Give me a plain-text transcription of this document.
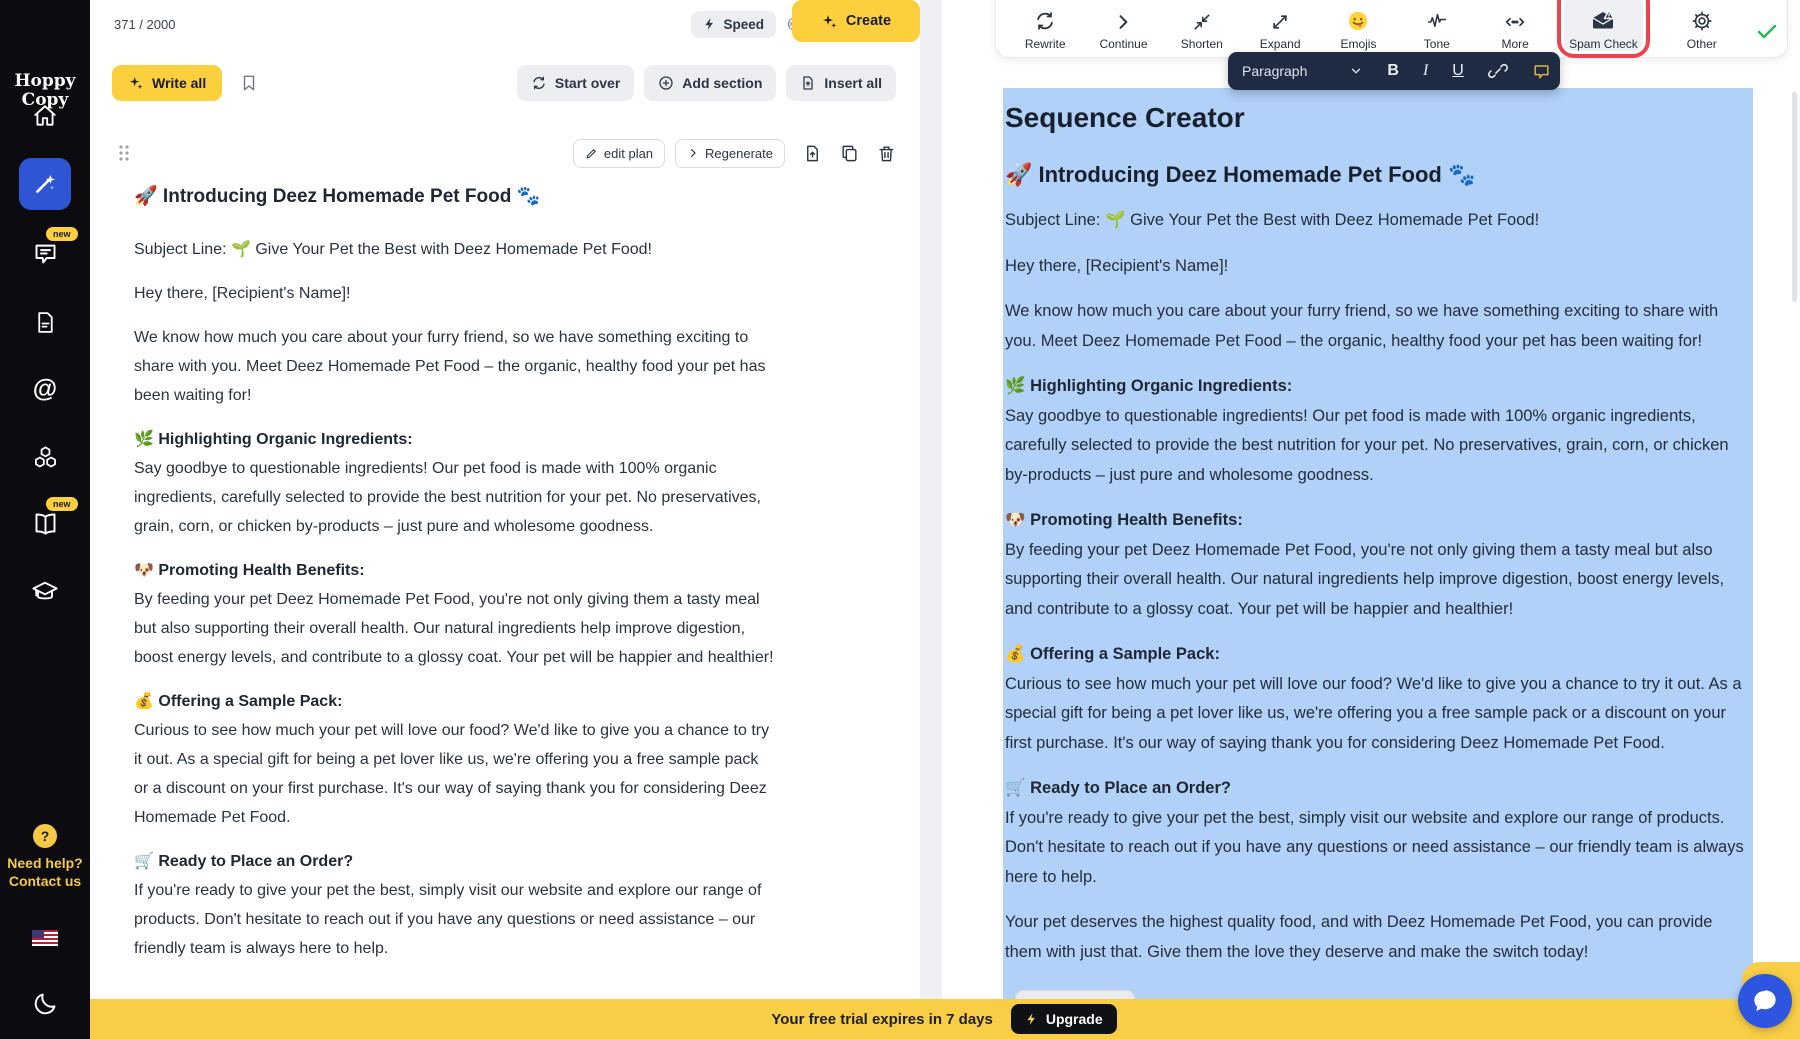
Hoppy
Copy
new
@
new
?
Need help?
Contact us
371 / 2000	Speed	Create
Write all	Start over	Add section	Insert all
edit plan	Regenerate
🚀 Introducing Deez Homemade Pet Food 🐾

Subject Line: 🌱 Give Your Pet the Best with Deez Homemade Pet Food!

Hey there, [Recipient's Name]!

We know how much you care about your furry friend, so we have something exciting to share with you. Meet Deez Homemade Pet Food – the organic, healthy food your pet has been waiting for!

🌿 Highlighting Organic Ingredients:
Say goodbye to questionable ingredients! Our pet food is made with 100% organic ingredients, carefully selected to provide the best nutrition for your pet. No preservatives, grain, corn, or chicken by-products – just pure and wholesome goodness.

🐶 Promoting Health Benefits:
By feeding your pet Deez Homemade Pet Food, you're not only giving them a tasty meal but also supporting their overall health. Our natural ingredients help improve digestion, boost energy levels, and contribute to a glossy coat. Your pet will be happier and healthier!

💰 Offering a Sample Pack:
Curious to see how much your pet will love our food? We'd like to give you a chance to try it out. As a special gift for being a pet lover like us, we're offering you a free sample pack or a discount on your first purchase. It's our way of saying thank you for considering Deez Homemade Pet Food.

🛒 Ready to Place an Order?
If you're ready to give your pet the best, simply visit our website and explore our range of products. Don't hesitate to reach out if you have any questions or need assistance – our friendly team is always here to help.

Sequence Creator
🚀 Introducing Deez Homemade Pet Food 🐾

Subject Line: 🌱 Give Your Pet the Best with Deez Homemade Pet Food!

Hey there, [Recipient's Name]!

We know how much you care about your furry friend, so we have something exciting to share with you. Meet Deez Homemade Pet Food – the organic, healthy food your pet has been waiting for!

🌿 Highlighting Organic Ingredients:
Say goodbye to questionable ingredients! Our pet food is made with 100% organic ingredients, carefully selected to provide the best nutrition for your pet. No preservatives, grain, corn, or chicken by-products – just pure and wholesome goodness.

🐶 Promoting Health Benefits:
By feeding your pet Deez Homemade Pet Food, you're not only giving them a tasty meal but also supporting their overall health. Our natural ingredients help improve digestion, boost energy levels, and contribute to a glossy coat. Your pet will be happier and healthier!

💰 Offering a Sample Pack:
Curious to see how much your pet will love our food? We'd like to give you a chance to try it out. As a special gift for being a pet lover like us, we're offering you a free sample pack or a discount on your first purchase. It's our way of saying thank you for considering Deez Homemade Pet Food.

🛒 Ready to Place an Order?
If you're ready to give your pet the best, simply visit our website and explore our range of products. Don't hesitate to reach out if you have any questions or need assistance – our friendly team is always here to help.

Your pet deserves the highest quality food, and with Deez Homemade Pet Food, you can provide them with just that. Give them the love they deserve and make the switch today!

Rewrite	Continue	Shorten	Expand	Emojis	Tone	More	Spam Check	Other
Paragraph	B I U
Your free trial expires in 7 days	Upgrade
